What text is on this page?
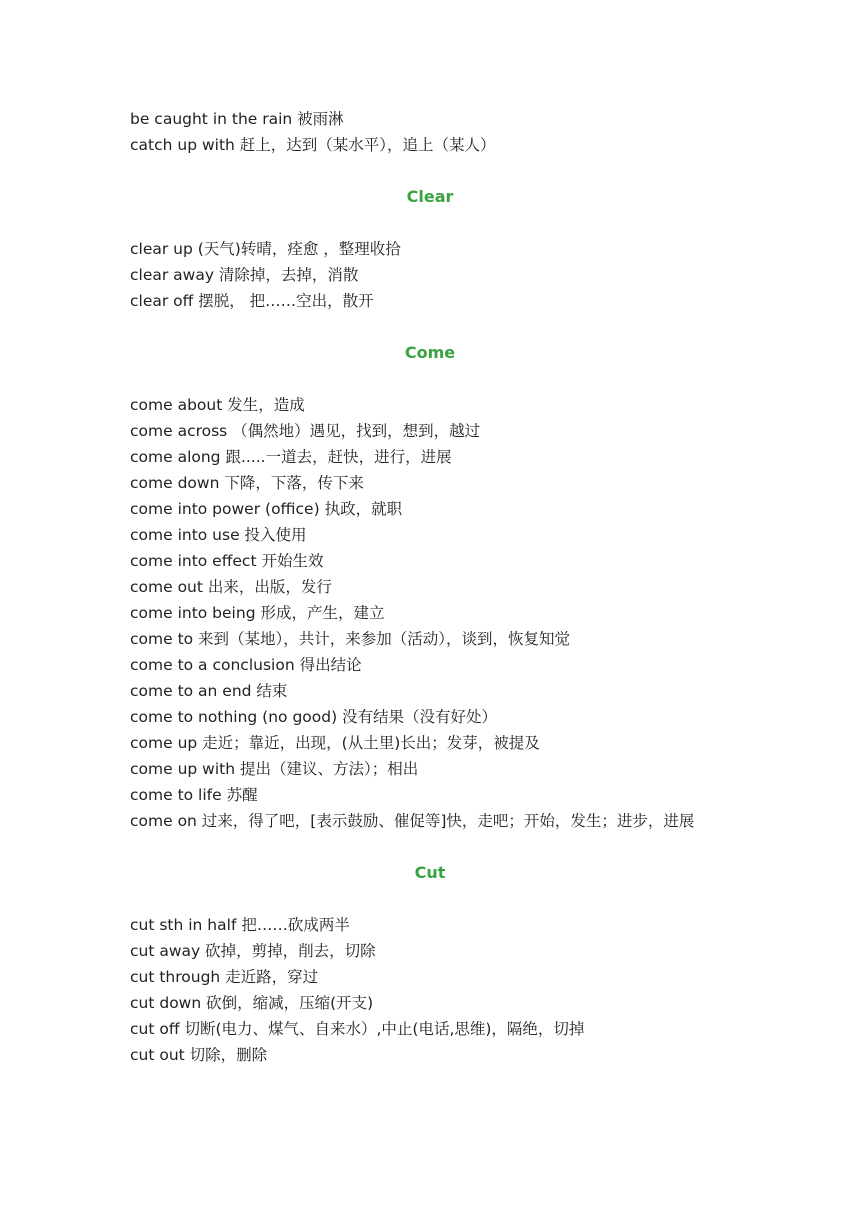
be caught in the rain 被雨淋
catch up with 赶上，达到（某水平），追上（某人）
Clear
clear up (天气)转晴，痊愈 ，整理收拾
clear away 清除掉，去掉，消散
clear off 摆脱， 把……空出，散开
Come
come about 发生，造成
come across （偶然地）遇见，找到，想到，越过
come along 跟.....一道去，赶快，进行，进展
come down 下降，下落，传下来
come into power (office) 执政，就职
come into use 投入使用
come into effect 开始生效
come out 出来，出版，发行
come into being 形成，产生，建立
come to 来到（某地），共计，来参加（活动），谈到，恢复知觉
come to a conclusion 得出结论
come to an end 结束
come to nothing (no good) 没有结果（没有好处）
come up 走近；靠近，出现，(从土里)长出；发芽，被提及
come up with 提出（建议、方法）；相出
come to life 苏醒
come on 过来，得了吧，[表示鼓励、催促等]快，走吧；开始，发生；进步，进展
Cut
cut sth in half 把……砍成两半
cut away 砍掉，剪掉，削去，切除
cut through 走近路，穿过
cut down 砍倒，缩减，压缩(开支)
cut off 切断(电力、煤气、自来水）,中止(电话,思维)，隔绝，切掉
cut out 切除，删除
